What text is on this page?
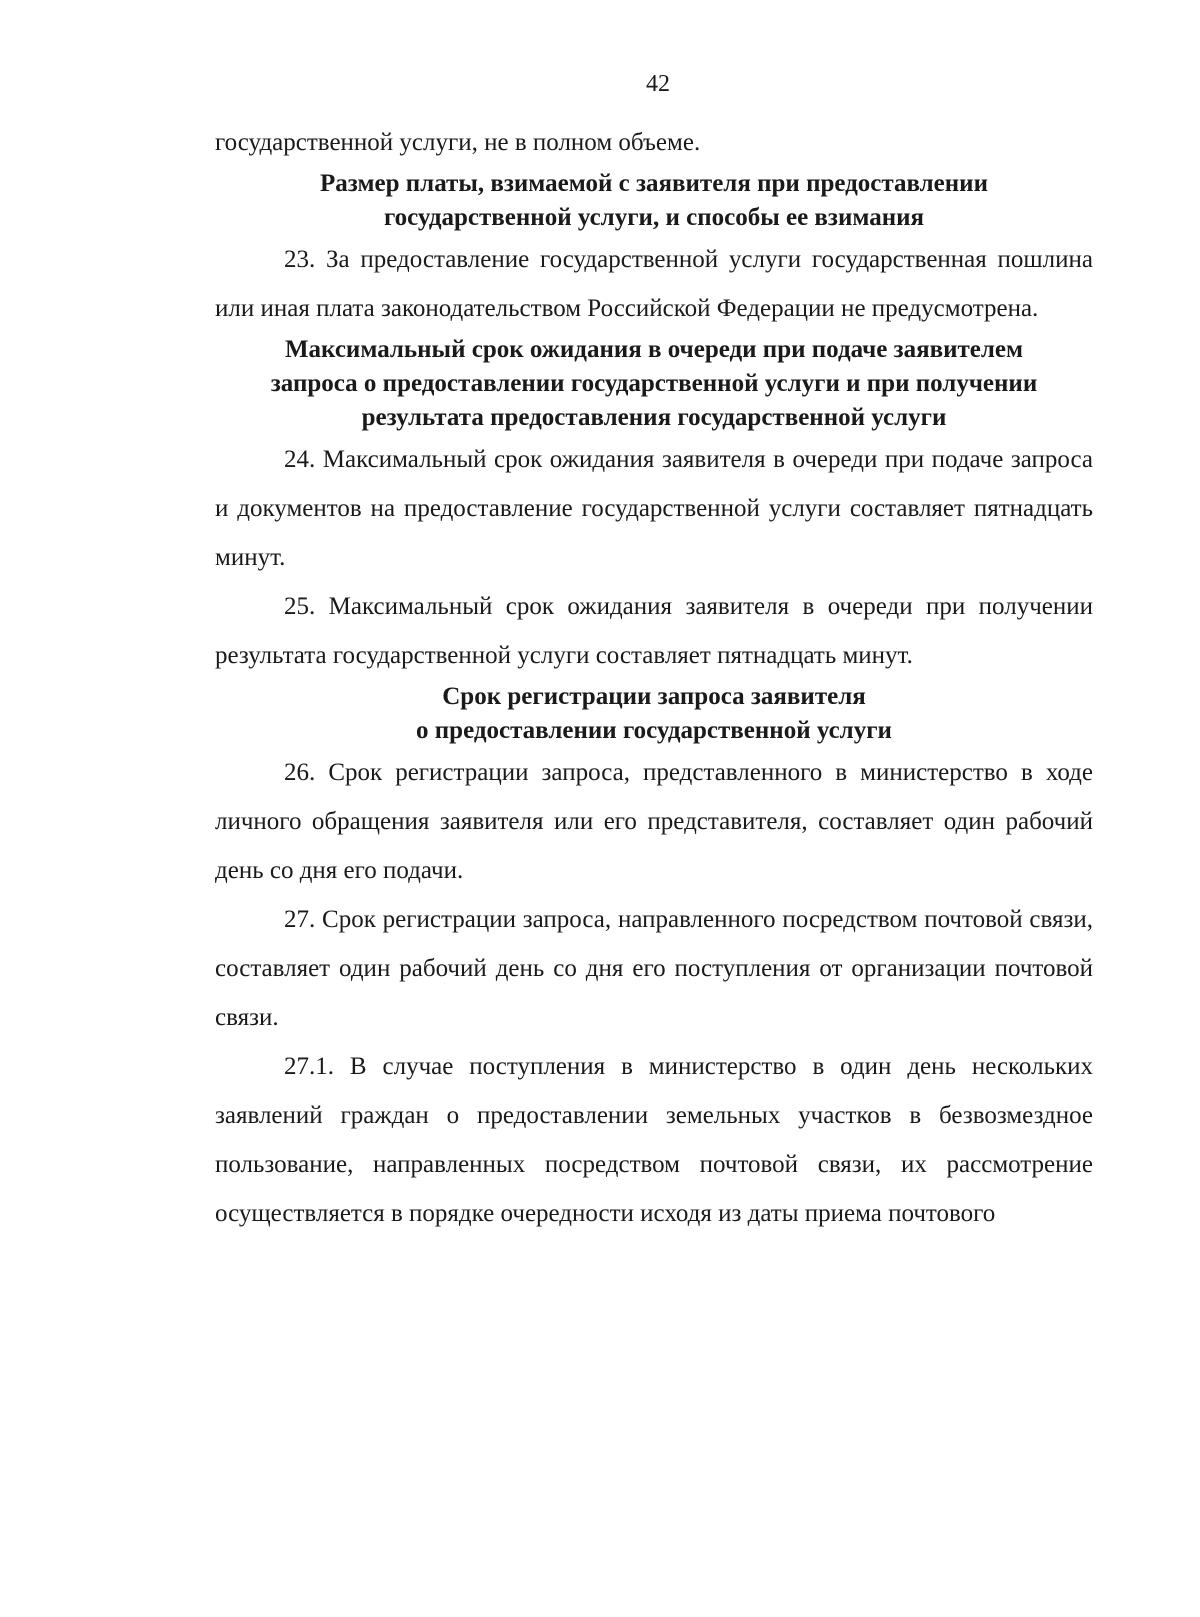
42

государственной услуги, не в полном объеме.

Размер платы, взимаемой с заявителя при предоставлении
государственной услуги, и способы ее взимания

23. За предоставление государственной услуги государственная пошлина или иная плата законодательством Российской Федерации не предусмотрена.

Максимальный срок ожидания в очереди при подаче заявителем
запроса о предоставлении государственной услуги и при получении
результата предоставления государственной услуги

24. Максимальный срок ожидания заявителя в очереди при подаче запроса и документов на предоставление государственной услуги составляет пятнадцать минут.

25. Максимальный срок ожидания заявителя в очереди при получении результата государственной услуги составляет пятнадцать минут.

Срок регистрации запроса заявителя
о предоставлении государственной услуги

26. Срок регистрации запроса, представленного в министерство в ходе личного обращения заявителя или его представителя, составляет один рабочий день со дня его подачи.

27. Срок регистрации запроса, направленного посредством почтовой связи, составляет один рабочий день со дня его поступления от организации почтовой связи.

27.1. В случае поступления в министерство в один день нескольких заявлений граждан о предоставлении земельных участков в безвозмездное пользование, направленных посредством почтовой связи, их рассмотрение осуществляется в порядке очередности исходя из даты приема почтового
